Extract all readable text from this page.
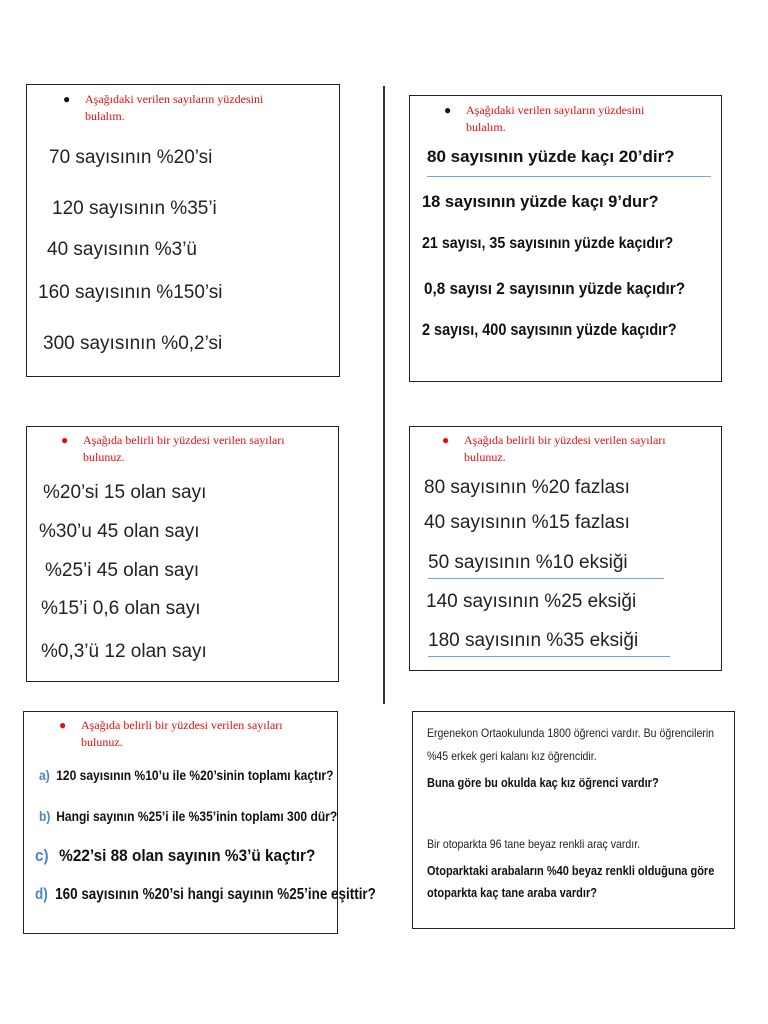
● Aşağıdaki verilen sayıların yüzdesini
bulalım.
70 sayısının %20’si
120 sayısının %35’i
40 sayısının %3’ü
160 sayısının %150’si
300 sayısının %0,2’si
● Aşağıdaki verilen sayıların yüzdesini
bulalım.
80 sayısının yüzde kaçı 20’dir?
18 sayısının yüzde kaçı 9’dur?
21 sayısı, 35 sayısının yüzde kaçıdır?
0,8 sayısı 2 sayısının yüzde kaçıdır?
2 sayısı, 400 sayısının yüzde kaçıdır?
● Aşağıda belirli bir yüzdesi verilen sayıları
bulunuz.
%20’si 15 olan sayı
%30’u 45 olan sayı
%25’i 45 olan sayı
%15’i 0,6 olan sayı
%0,3’ü 12 olan sayı
● Aşağıda belirli bir yüzdesi verilen sayıları
bulunuz.
80 sayısının %20 fazlası
40 sayısının %15 fazlası
50 sayısının %10 eksiği
140 sayısının %25 eksiği
180 sayısının %35 eksiği
● Aşağıda belirli bir yüzdesi verilen sayıları
bulunuz.
a) 120 sayısının %10’u ile %20’sinin toplamı kaçtır?
b) Hangi sayının %25’i ile %35’inin toplamı 300 dür?
c) %22’si 88 olan sayının %3’ü kaçtır?
d) 160 sayısının %20’si hangi sayının %25’ine eşittir?
Ergenekon Ortaokulunda 1800 öğrenci vardır. Bu öğrencilerin
%45 erkek geri kalanı kız öğrencidir.
Buna göre bu okulda kaç kız öğrenci vardır?
Bir otoparkta 96 tane beyaz renkli araç vardır.
Otoparktaki arabaların %40 beyaz renkli olduğuna göre
otoparkta kaç tane araba vardır?
